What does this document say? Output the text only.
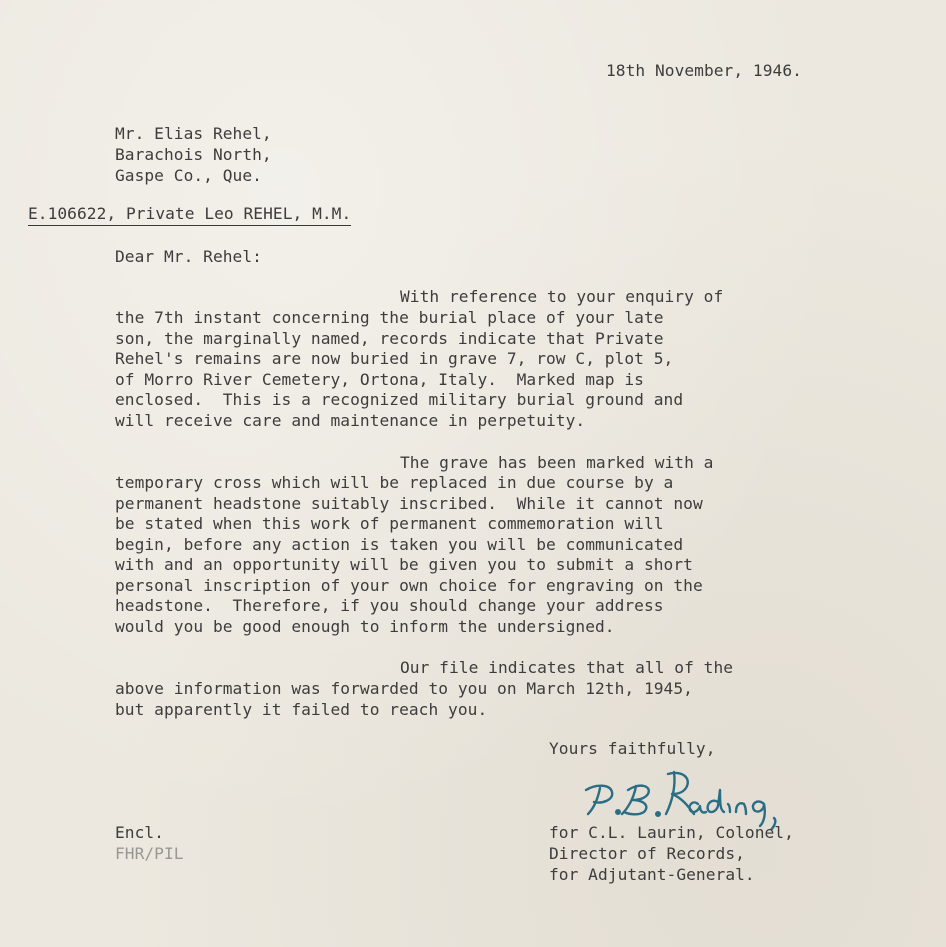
18th November, 1946.
Mr. Elias Rehel,
Barachois North,
Gaspe Co., Que.
E.106622, Private Leo REHEL, M.M.
Dear Mr. Rehel:
With reference to your enquiry of
the 7th instant concerning the burial place of your late
son, the marginally named, records indicate that Private
Rehel's remains are now buried in grave 7, row C, plot 5,
of Morro River Cemetery, Ortona, Italy.  Marked map is
enclosed.  This is a recognized military burial ground and
will receive care and maintenance in perpetuity.
The grave has been marked with a
temporary cross which will be replaced in due course by a
permanent headstone suitably inscribed.  While it cannot now
be stated when this work of permanent commemoration will
begin, before any action is taken you will be communicated
with and an opportunity will be given you to submit a short
personal inscription of your own choice for engraving on the
headstone.  Therefore, if you should change your address
would you be good enough to inform the undersigned.
Our file indicates that all of the
above information was forwarded to you on March 12th, 1945,
but apparently it failed to reach you.
Yours faithfully,
Encl.
FHR/PIL
for C.L. Laurin, Colonel,
Director of Records,
for Adjutant-General.
